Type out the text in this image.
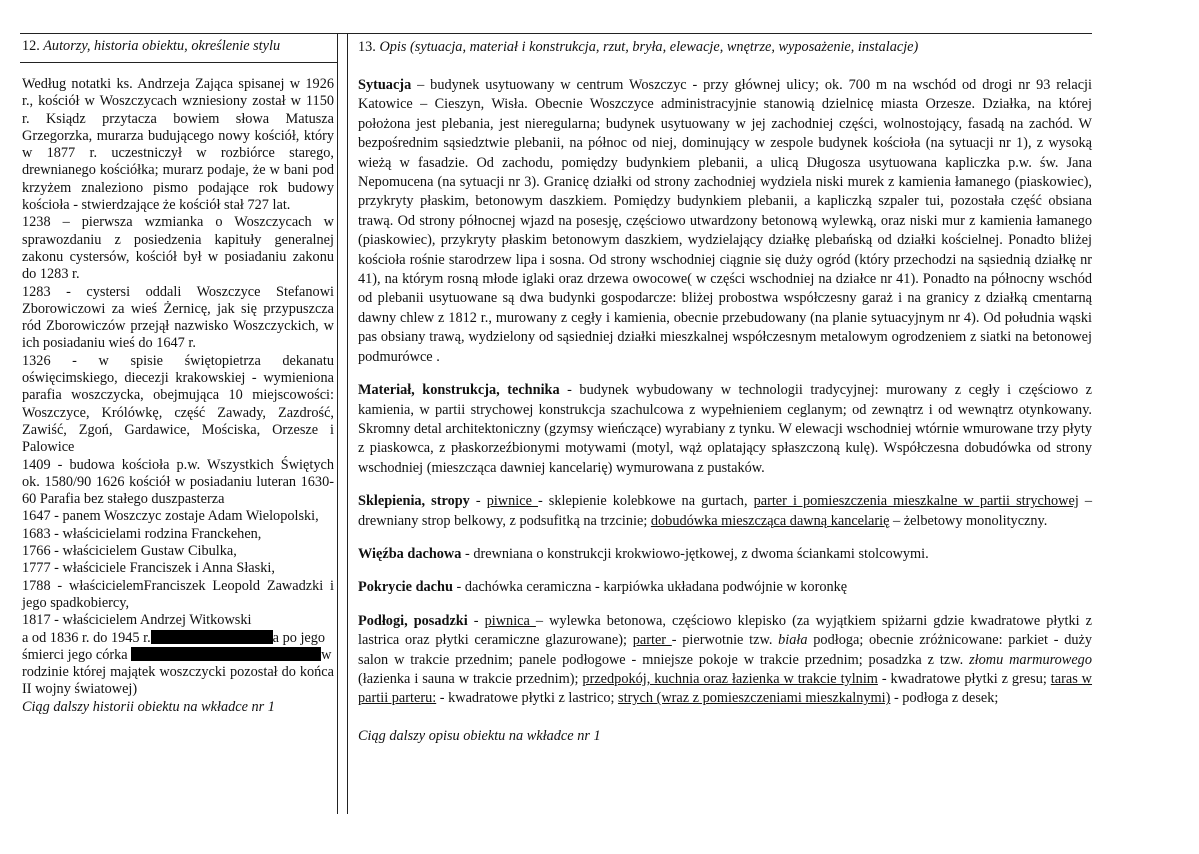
12. Autorzy, historia obiektu, określenie stylu

Według notatki ks. Andrzeja Zająca spisanej w 1926 r., kościół w Woszczycach wzniesiony został w 1150 r. Ksiądz przytacza bowiem słowa Matusza Grzegorzka, murarza budującego nowy kościół, który w 1877 r. uczestniczył w rozbiórce starego, drewnianego kościółka; murarz podaje, że w bani pod krzyżem znaleziono pismo podające rok budowy kościoła - stwierdzające że kościół stał 727 lat.

1238 – pierwsza wzmianka o Woszczycach w sprawozdaniu z posiedzenia kapituły generalnej zakonu cystersów, kościół był w posiadaniu zakonu do 1283 r.

1283 - cystersi oddali Woszczyce Stefanowi Zborowiczowi za wieś Żernicę, jak się przypuszcza ród Zborowiczów przejął nazwisko Woszczyckich, w ich posiadaniu wieś do 1647 r.

1326 - w spisie świętopietrza dekanatu oświęcimskiego, diecezji krakowskiej - wymieniona parafia woszczycka, obejmująca 10 miejscowości: Woszczyce, Królówkę, część Zawady, Zazdrość, Zawiść, Zgoń, Gardawice, Mościska, Orzesze i Palowice

1409 - budowa kościoła p.w. Wszystkich Świętych ok. 1580/90 1626 kościół w posiadaniu luteran 1630-60 Parafia bez stałego duszpasterza

1647 - panem Woszczyc zostaje Adam Wielopolski,

1683 - właścicielami rodzina Franckehen,

1766 - właścicielem Gustaw Cibulka,

1777 - właściciele Franciszek i Anna Słaski,

1788 - właścicielemFranciszek Leopold Zawadzki i jego spadkobiercy,

1817 - właścicielem Andrzej Witkowski

a od 1836 r. do 1945 r.	a po jego

śmierci jego córka	w

rodzinie której majątek woszczycki pozostał do końca II wojny światowej)

Ciąg dalszy historii obiektu na wkładce nr 1

13. Opis (sytuacja, materiał i konstrukcja, rzut, bryła, elewacje, wnętrze, wyposażenie, instalacje)

Sytuacja – budynek usytuowany w centrum Woszczyc - przy głównej ulicy; ok. 700 m na wschód od drogi nr 93 relacji Katowice – Cieszyn, Wisła. Obecnie Woszczyce administracyjnie stanowią dzielnicę miasta Orzesze. Działka, na której położona jest plebania, jest nieregularna; budynek usytuowany w jej zachodniej części, wolnostojący, fasadą na zachód. W bezpośrednim sąsiedztwie plebanii, na północ od niej, dominujący w zespole budynek kościoła (na sytuacji nr 1), z wysoką wieżą w fasadzie. Od zachodu, pomiędzy budynkiem plebanii, a ulicą Długosza usytuowana kapliczka p.w. św. Jana Nepomucena (na sytuacji nr 3). Granicę działki od strony zachodniej wydziela niski murek z kamienia łamanego (piaskowiec), przykryty płaskim, betonowym daszkiem. Pomiędzy budynkiem plebanii, a kapliczką szpaler tui, pozostała część obsiana trawą. Od strony północnej wjazd na posesję, częściowo utwardzony betonową wylewką, oraz niski mur z kamienia łamanego (piaskowiec), przykryty płaskim betonowym daszkiem, wydzielający działkę plebańską od działki kościelnej. Ponadto bliżej kościoła rośnie starodrzew lipa i sosna. Od strony wschodniej ciągnie się duży ogród (który przechodzi na sąsiednią działkę nr 41), na którym rosną młode iglaki oraz drzewa owocowe( w części wschodniej na działce nr 41). Ponadto na północny wschód od plebanii usytuowane są dwa budynki gospodarcze: bliżej probostwa współczesny garaż i na granicy z działką cmentarną dawny chlew z 1812 r., murowany z cegły i kamienia, obecnie przebudowany (na planie sytuacyjnym nr 4). Od południa wąski pas obsiany trawą, wydzielony od sąsiedniej działki mieszkalnej współczesnym metalowym ogrodzeniem z siatki na betonowej podmurówce .

Materiał, konstrukcja, technika - budynek wybudowany w technologii tradycyjnej: murowany z cegły i częściowo z kamienia, w partii strychowej konstrukcja szachulcowa z wypełnieniem ceglanym; od zewnątrz i od wewnątrz otynkowany. Skromny detal architektoniczny (gzymsy wieńczące) wyrabiany z tynku. W elewacji wschodniej wtórnie wmurowane trzy płyty z piaskowca, z płaskorzeźbionymi motywami (motyl, wąż oplatający spłaszczoną kulę). Współczesna dobudówka od strony wschodniej (mieszcząca dawniej kancelarię) wymurowana z pustaków.

Sklepienia, stropy - piwnice - sklepienie kolebkowe na gurtach, parter i pomieszczenia mieszkalne w partii strychowej – drewniany strop belkowy, z podsufitką na trzcinie; dobudówka mieszcząca dawną kancelarię – żelbetowy monolityczny.

Więźba dachowa - drewniana o konstrukcji krokwiowo-jętkowej, z dwoma ściankami stolcowymi.

Pokrycie dachu - dachówka ceramiczna - karpiówka układana podwójnie w koronkę

Podłogi, posadzki - piwnica – wylewka betonowa, częściowo klepisko (za wyjątkiem spiżarni gdzie kwadratowe płytki z lastrica oraz płytki ceramiczne glazurowane); parter - pierwotnie tzw. biała podłoga; obecnie zróżnicowane: parkiet - duży salon w trakcie przednim; panele podłogowe - mniejsze pokoje w trakcie przednim; posadzka z tzw. złomu marmurowego (łazienka i sauna w trakcie przednim); przedpokój, kuchnia oraz łazienka w trakcie tylnim - kwadratowe płytki z gresu; taras w partii parteru: - kwadratowe płytki z lastrico; strych (wraz z pomieszczeniami mieszkalnymi) - podłoga z desek;

Ciąg dalszy opisu obiektu na wkładce nr 1
